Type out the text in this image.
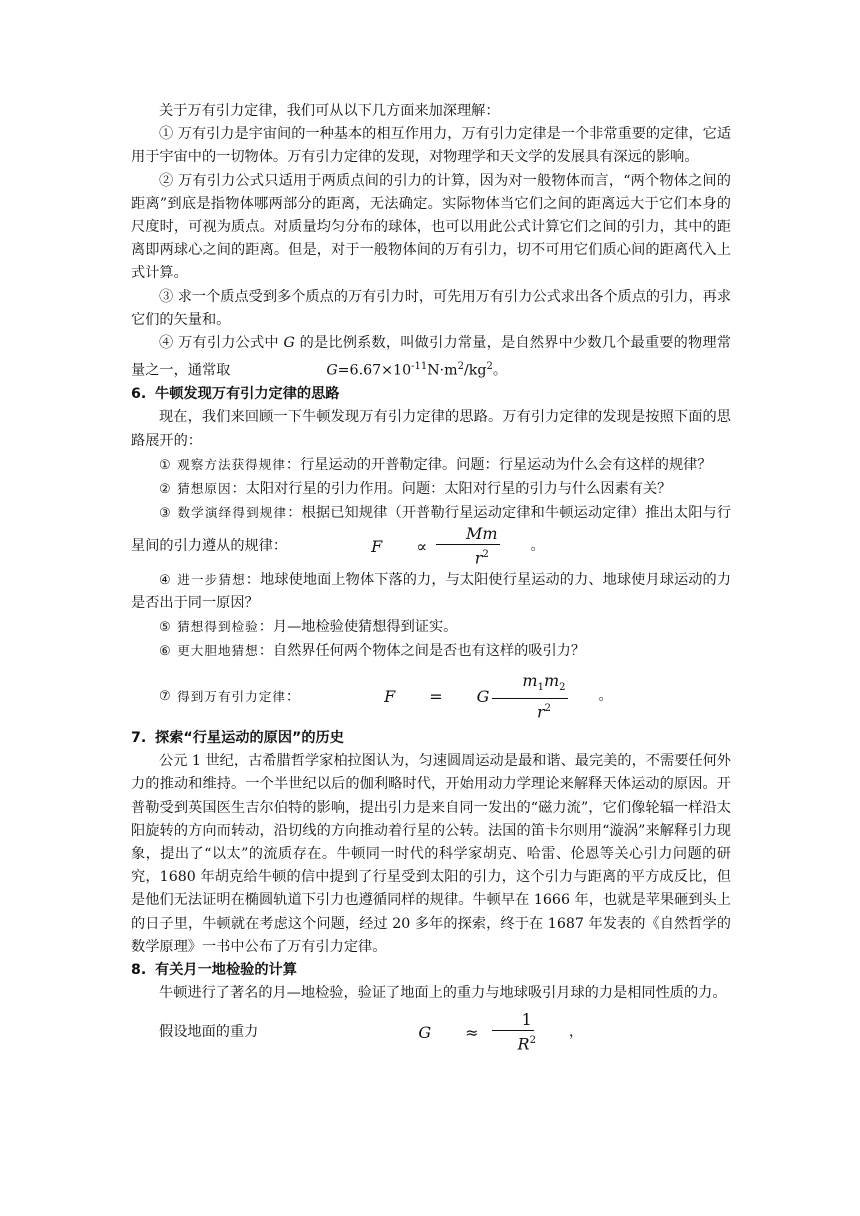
关于万有引力定律，我们可从以下几方面来加深理解：

① 万有引力是宇宙间的一种基本的相互作用力，万有引力定律是一个非常重要的定律，它适用于宇宙中的一切物体。万有引力定律的发现，对物理学和天文学的发展具有深远的影响。

② 万有引力公式只适用于两质点间的引力的计算，因为对一般物体而言，“两个物体之间的距离”到底是指物体哪两部分的距离，无法确定。实际物体当它们之间的距离远大于它们本身的尺度时，可视为质点。对质量均匀分布的球体，也可以用此公式计算它们之间的引力，其中的距离即两球心之间的距离。但是，对于一般物体间的万有引力，切不可用它们质心间的距离代入上式计算。

③ 求一个质点受到多个质点的万有引力时，可先用万有引力公式求出各个质点的引力，再求它们的矢量和。

④ 万有引力公式中 G 的是比例系数，叫做引力常量，是自然界中少数几个最重要的物理常量之一，通常取	$G=6.67\times 10^{-11}N\cdot m^2/kg^2$。

6. 牛顿发现万有引力定律的思路

现在，我们来回顾一下牛顿发现万有引力定律的思路。万有引力定律的发现是按照下面的思路展开的：

① 观察方法获得规律：行星运动的开普勒定律。问题：行星运动为什么会有这样的规律？

② 猜想原因：太阳对行星的引力作用。问题：太阳对行星的引力与什么因素有关？

③ 数学演绎得到规律：根据已知规律（开普勒行星运动定律和牛顿运动定律）推出太阳与行星间的引力遵从的规律：	F	∝ $\frac{Mm}{r^2}$	。

④ 进一步猜想：地球使地面上物体下落的力，与太阳使行星运动的力、地球使月球运动的力是否出于同一原因？

⑤ 猜想得到检验：月—地检验使猜想得到证实。

⑥ 更大胆地猜想：自然界任何两个物体之间是否也有这样的吸引力？

⑦ 得到万有引力定律：	F	=	G $\frac{m_1m_2}{r^2}$	。

7. 探索“行星运动的原因”的历史

公元 1 世纪，古希腊哲学家柏拉图认为，匀速圆周运动是最和谐、最完美的，不需要任何外力的推动和维持。一个半世纪以后的伽利略时代，开始用动力学理论来解释天体运动的原因。开普勒受到英国医生吉尔伯特的影响，提出引力是来自同一发出的“磁力流”，它们像轮辐一样沿太阳旋转的方向而转动，沿切线的方向推动着行星的公转。法国的笛卡尔则用“漩涡”来解释引力现象，提出了“以太”的流质存在。牛顿同一时代的科学家胡克、哈雷、伦恩等关心引力问题的研究，1680 年胡克给牛顿的信中提到了行星受到太阳的引力，这个引力与距离的平方成反比，但是他们无法证明在椭圆轨道下引力也遵循同样的规律。牛顿早在 1666 年，也就是苹果砸到头上的日子里，牛顿就在考虑这个问题，经过 20 多年的探索，终于在 1687 年发表的《自然哲学的数学原理》一书中公布了万有引力定律。

8. 有关月一地检验的计算

牛顿进行了著名的月—地检验，验证了地面上的重力与地球吸引月球的力是相同性质的力。

假设地面的重力	G	≈ $\frac{1}{R^2}$	，
